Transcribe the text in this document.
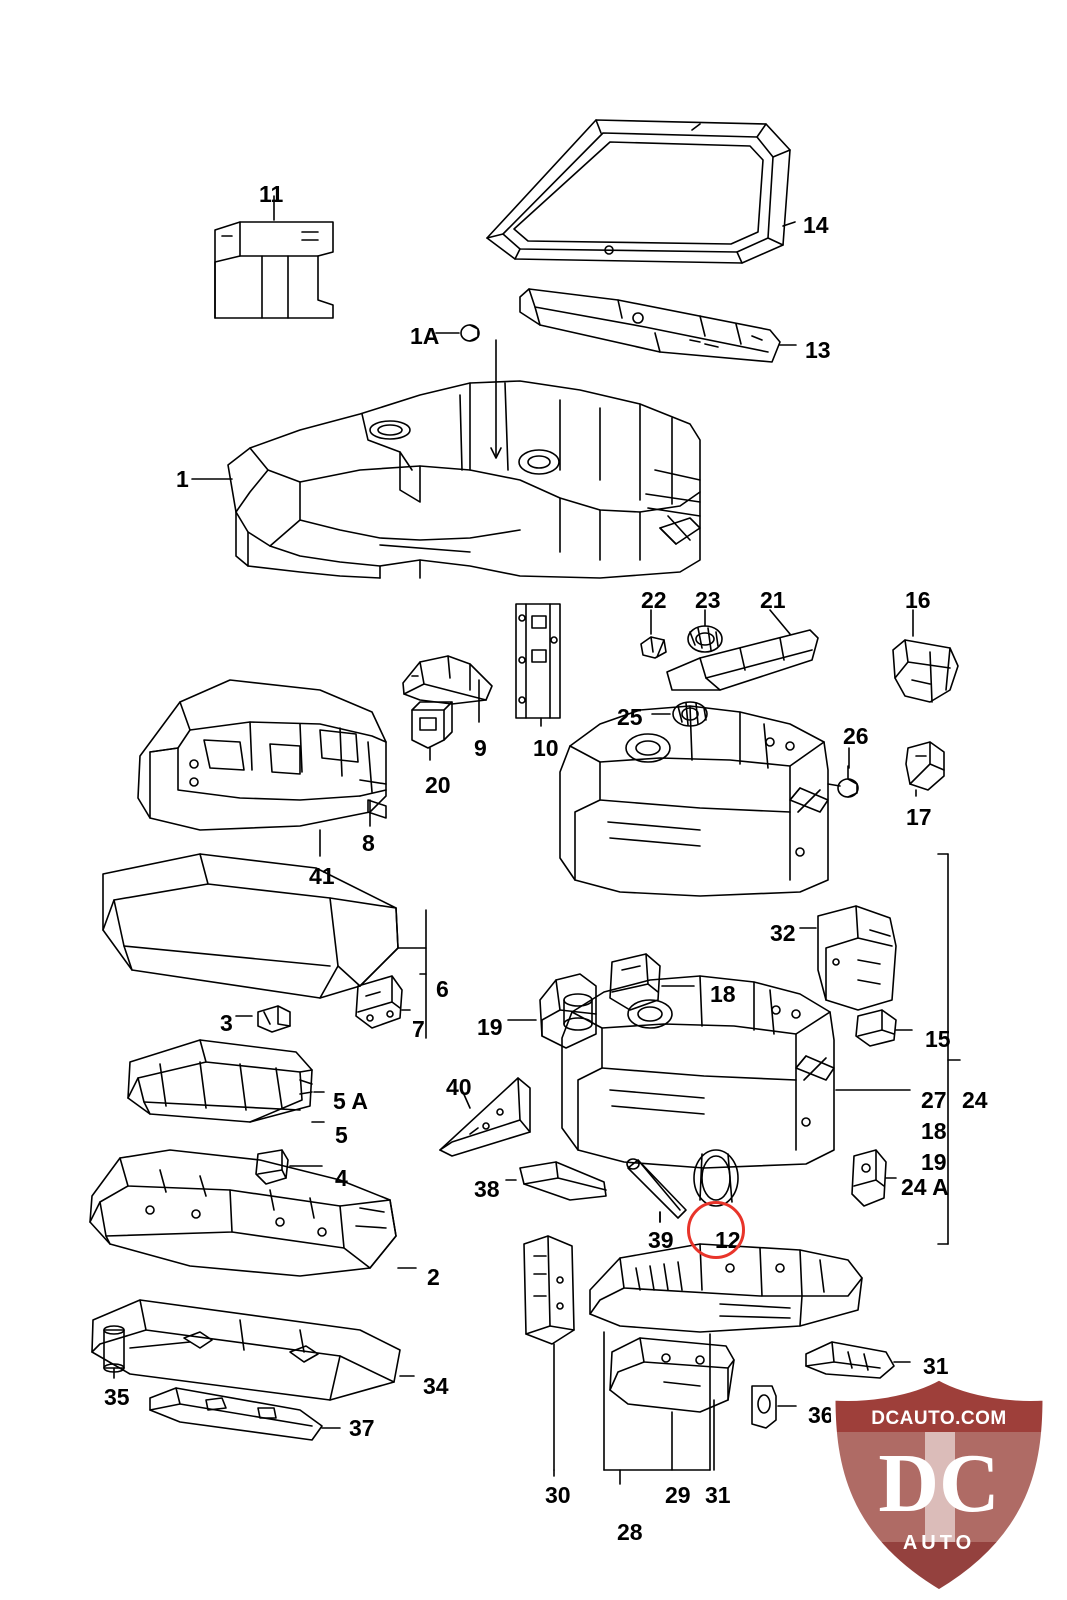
11
14
1A
13
1
22 23 21	16
25
26
9 10
20
17
8
41
32
6	18
7 19
3
15
5 A
40	27 24
5	18
4	38
19
24 A
39 12
2
31
34
35
36
37
30	29 31
28
DCAUTO.COM
DC
AUTO
